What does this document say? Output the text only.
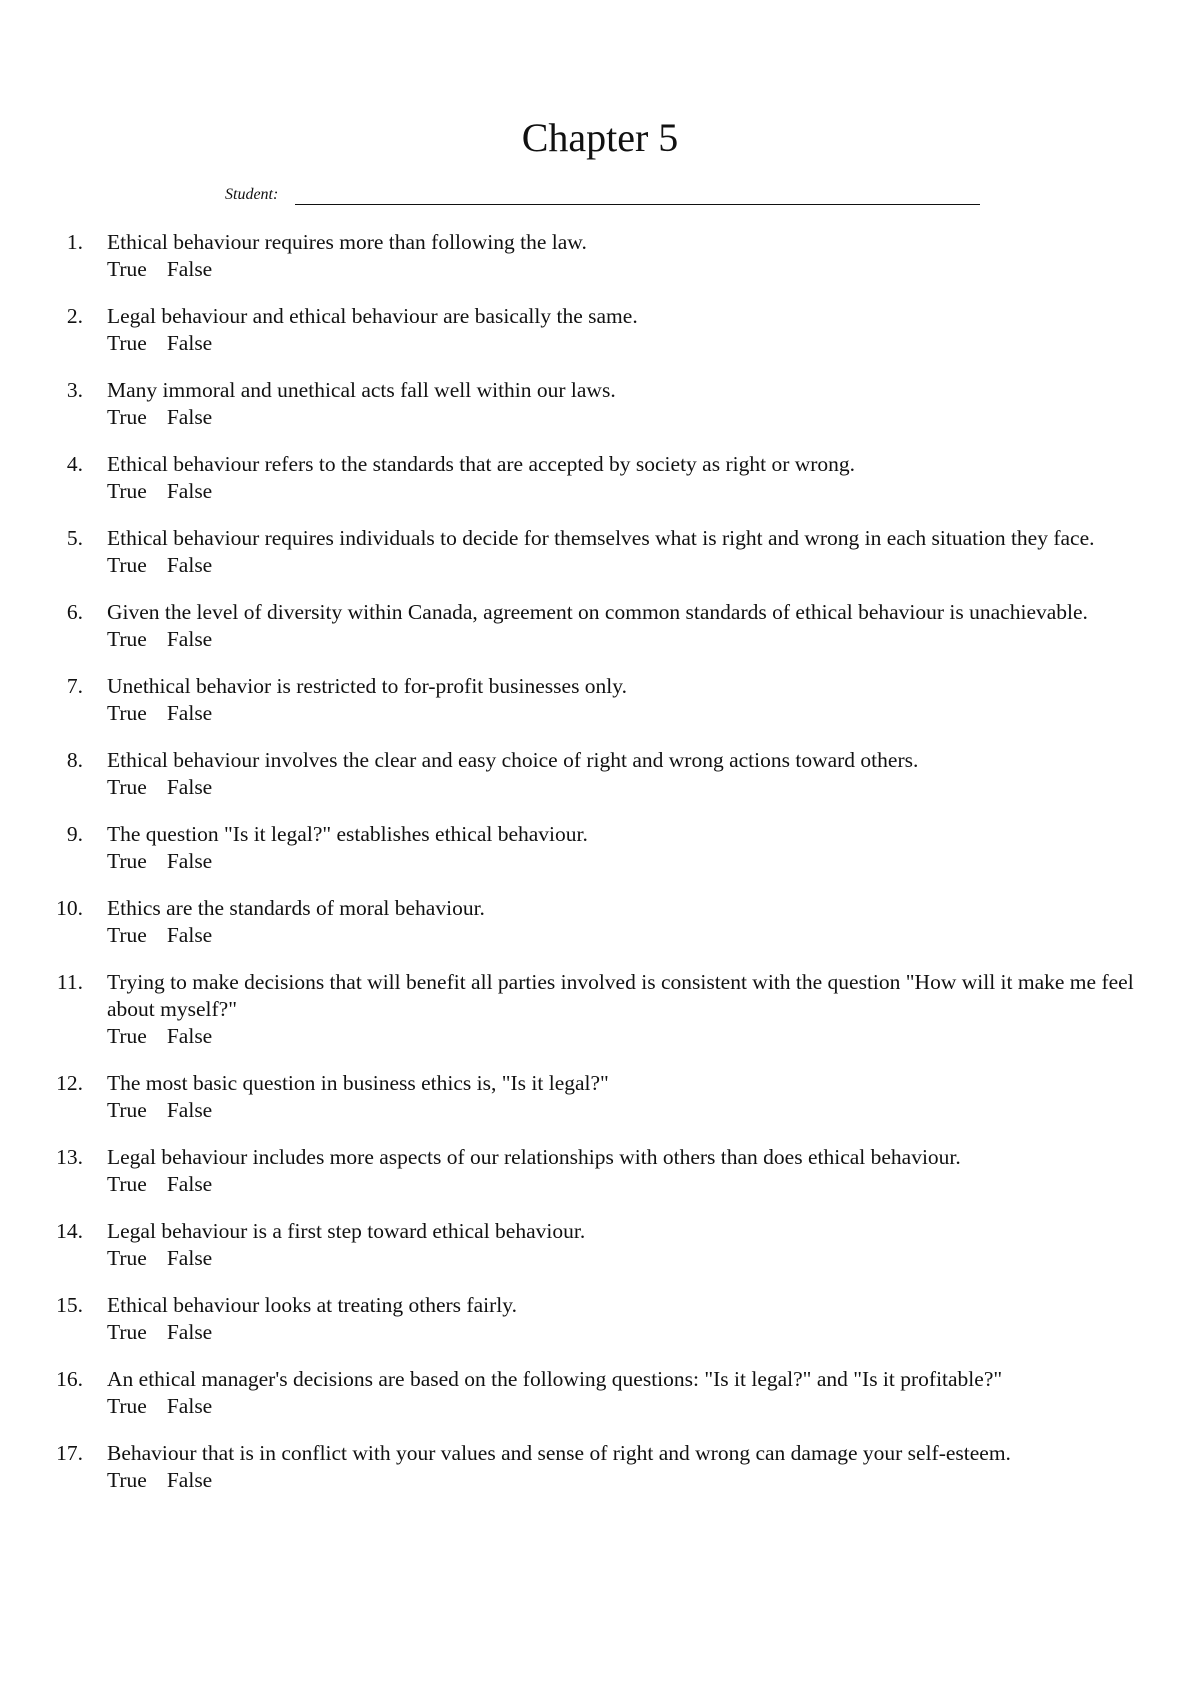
Chapter 5
Student:
1. Ethical behaviour requires more than following the law.
True False
2. Legal behaviour and ethical behaviour are basically the same.
True False
3. Many immoral and unethical acts fall well within our laws.
True False
4. Ethical behaviour refers to the standards that are accepted by society as right or wrong.
True False
5. Ethical behaviour requires individuals to decide for themselves what is right and wrong in each situation they face.
True False
6. Given the level of diversity within Canada, agreement on common standards of ethical behaviour is unachievable.
True False
7. Unethical behavior is restricted to for-profit businesses only.
True False
8. Ethical behaviour involves the clear and easy choice of right and wrong actions toward others.
True False
9. The question "Is it legal?" establishes ethical behaviour.
True False
10. Ethics are the standards of moral behaviour.
True False
11. Trying to make decisions that will benefit all parties involved is consistent with the question "How will it make me feel about myself?"
True False
12. The most basic question in business ethics is, "Is it legal?"
True False
13. Legal behaviour includes more aspects of our relationships with others than does ethical behaviour.
True False
14. Legal behaviour is a first step toward ethical behaviour.
True False
15. Ethical behaviour looks at treating others fairly.
True False
16. An ethical manager's decisions are based on the following questions: "Is it legal?" and "Is it profitable?"
True False
17. Behaviour that is in conflict with your values and sense of right and wrong can damage your self-esteem.
True False
